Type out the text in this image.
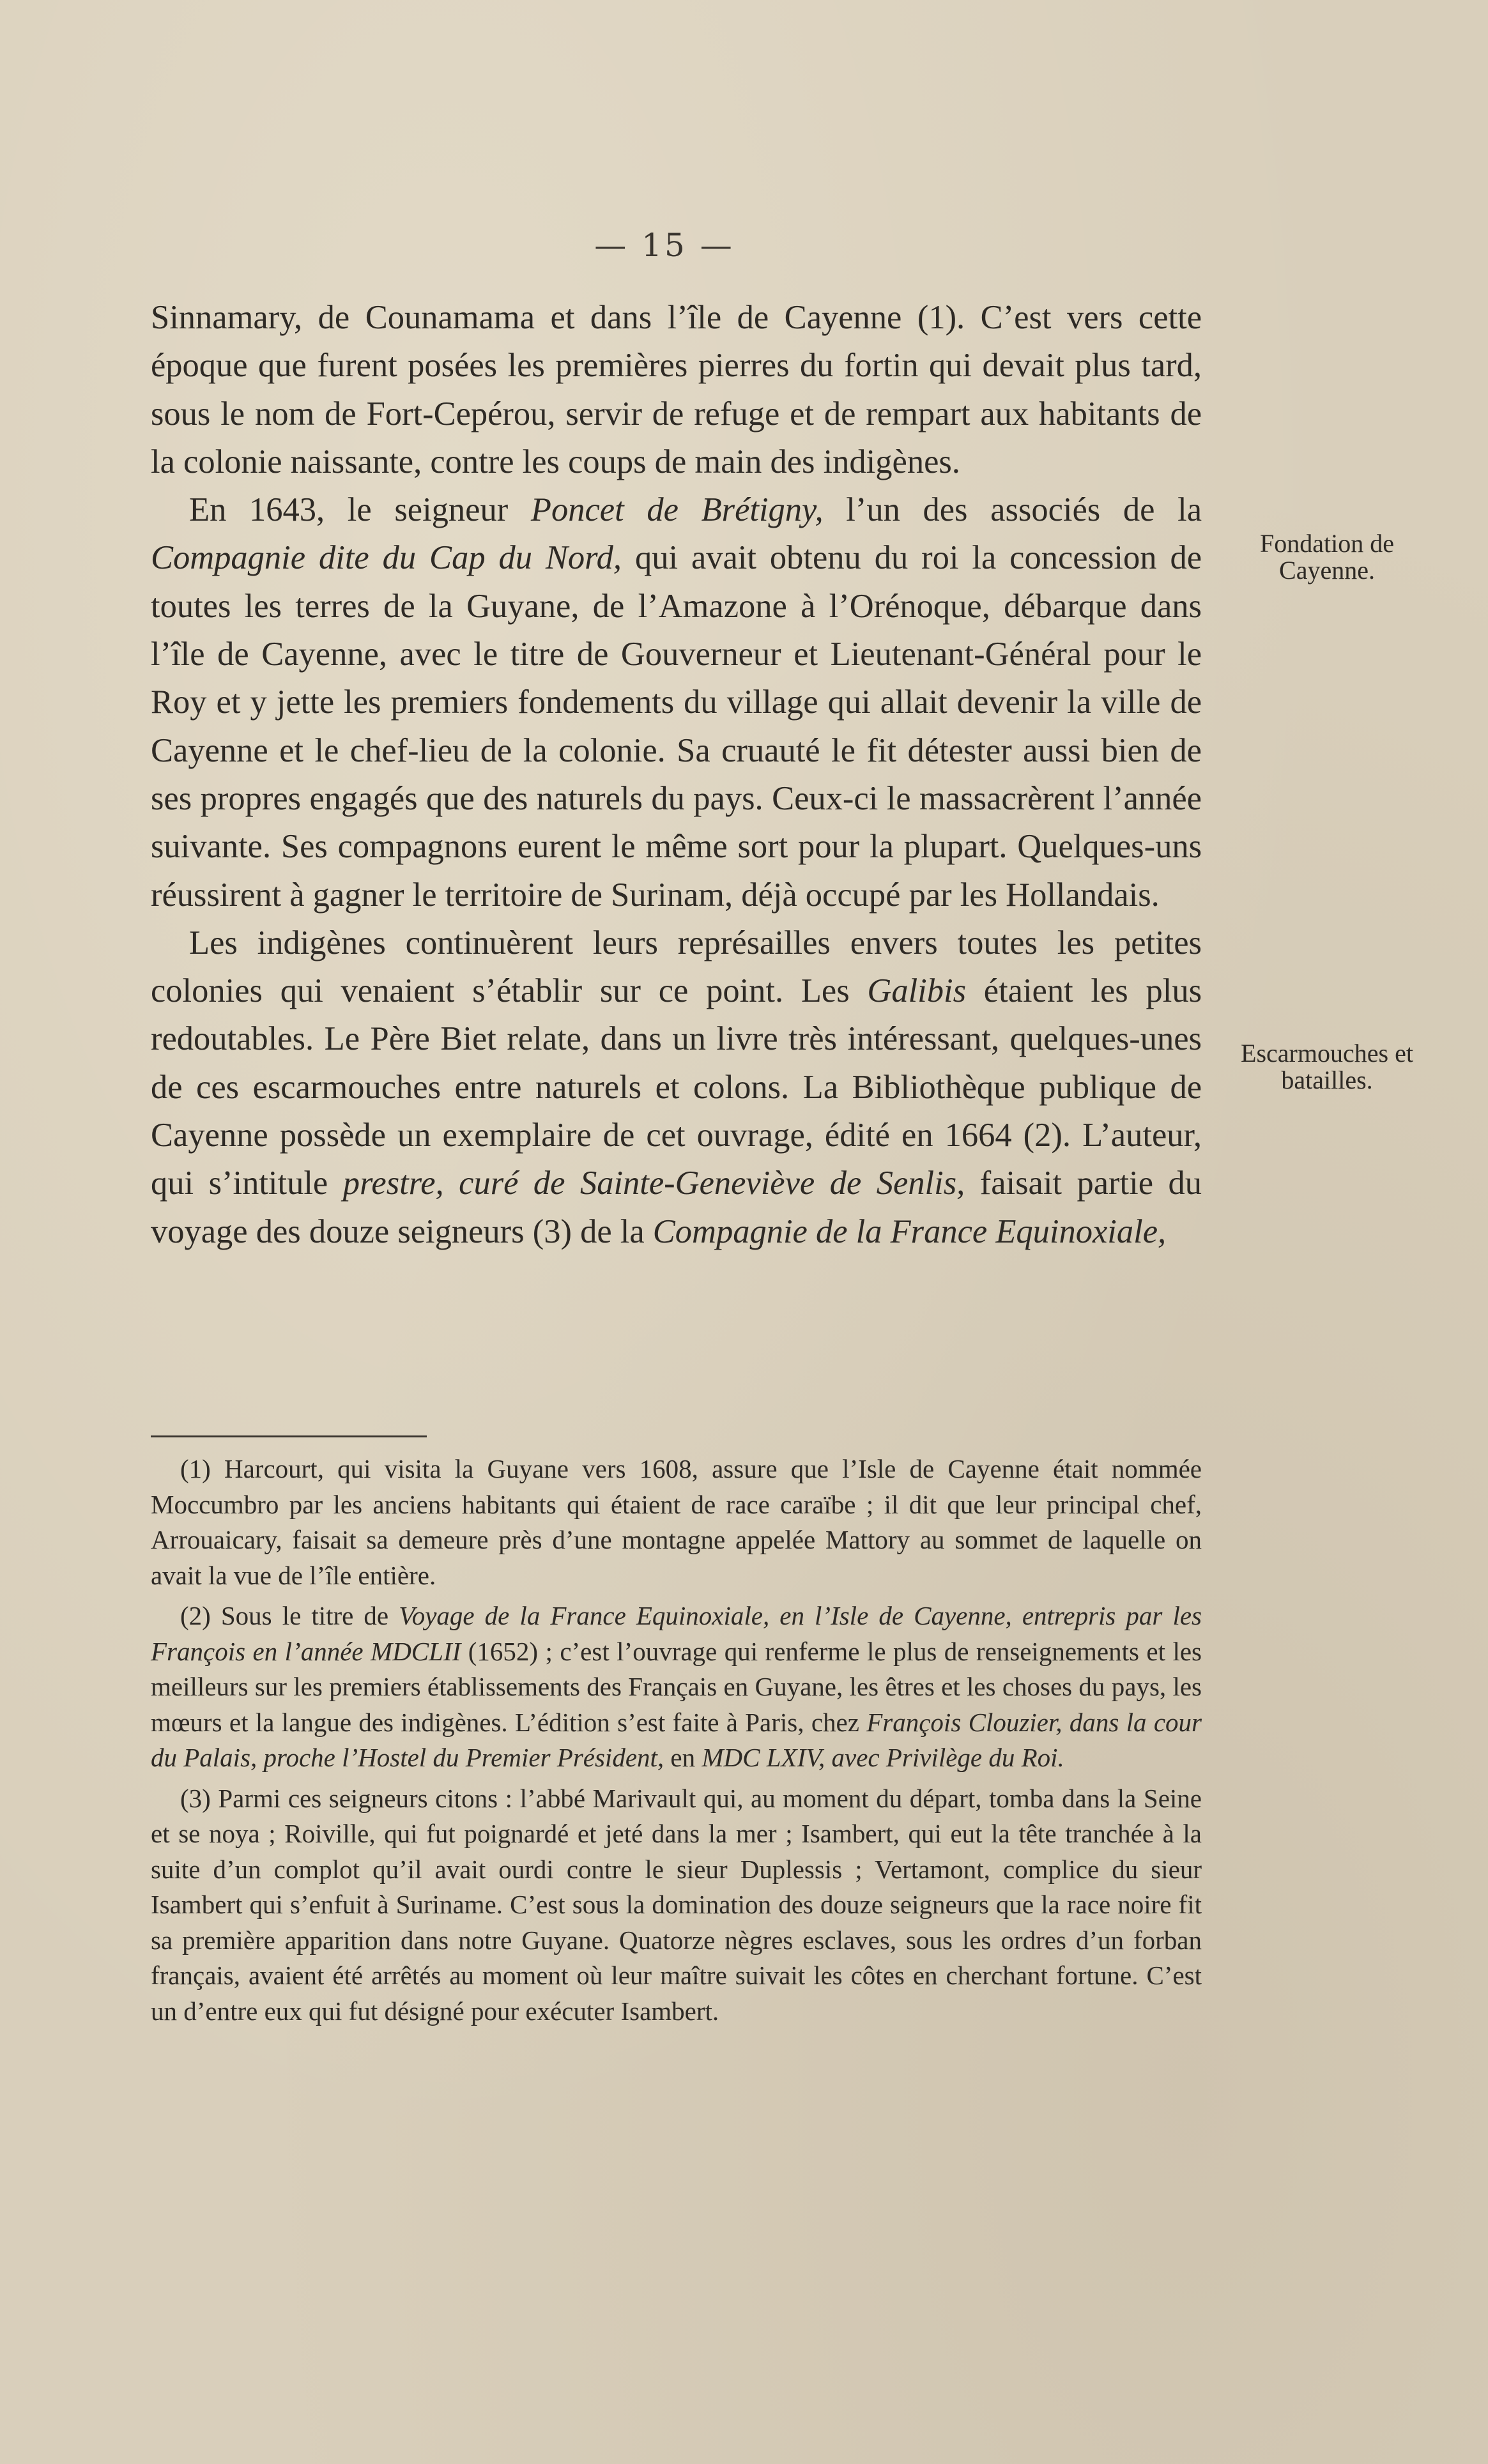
— 15 —

Sinnamary, de Counamama et dans l’île de Cayenne (1). C’est vers cette époque que furent posées les premières pierres du fortin qui devait plus tard, sous le nom de Fort-Cepérou, servir de refuge et de rempart aux habitants de la colonie naissante, contre les coups de main des indigènes.

En 1643, le seigneur Poncet de Brétigny, l’un des associés de la Compagnie dite du Cap du Nord, qui avait obtenu du roi la concession de toutes les terres de la Guyane, de l’Amazone à l’Orénoque, débarque dans l’île de Cayenne, avec le titre de Gouverneur et Lieutenant-Général pour le Roy et y jette les premiers fondements du village qui allait devenir la ville de Cayenne et le chef-lieu de la colonie. Sa cruauté le fit détester aussi bien de ses propres engagés que des naturels du pays. Ceux-ci le massacrèrent l’année suivante. Ses compagnons eurent le même sort pour la plupart. Quelques-uns réussirent à gagner le territoire de Surinam, déjà occupé par les Hollandais.

Les indigènes continuèrent leurs représailles envers toutes les petites colonies qui venaient s’établir sur ce point. Les Galibis étaient les plus redoutables. Le Père Biet relate, dans un livre très intéressant, quelques-unes de ces escarmouches entre naturels et colons. La Bibliothèque publique de Cayenne possède un exemplaire de cet ouvrage, édité en 1664 (2). L’auteur, qui s’intitule prestre, curé de Sainte-Geneviève de Senlis, faisait partie du voyage des douze seigneurs (3) de la Compagnie de la France Equinoxiale,

Fondation de Cayenne.
Escarmouches et batailles.

(1) Harcourt, qui visita la Guyane vers 1608, assure que l’Isle de Cayenne était nommée Moccumbro par les anciens habitants qui étaient de race caraïbe ; il dit que leur principal chef, Arrouaicary, faisait sa demeure près d’une montagne appelée Mattory au sommet de laquelle on avait la vue de l’île entière.

(2) Sous le titre de Voyage de la France Equinoxiale, en l’Isle de Cayenne, entrepris par les François en l’année MDCLII (1652) ; c’est l’ouvrage qui renferme le plus de renseignements et les meilleurs sur les premiers établissements des Français en Guyane, les êtres et les choses du pays, les mœurs et la langue des indigènes. L’édition s’est faite à Paris, chez François Clouzier, dans la cour du Palais, proche l’Hostel du Premier Président, en MDC LXIV, avec Privilège du Roi.

(3) Parmi ces seigneurs citons : l’abbé Marivault qui, au moment du départ, tomba dans la Seine et se noya ; Roiville, qui fut poignardé et jeté dans la mer ; Isambert, qui eut la tête tranchée à la suite d’un complot qu’il avait ourdi contre le sieur Duplessis ; Vertamont, complice du sieur Isambert qui s’enfuit à Suriname. C’est sous la domination des douze seigneurs que la race noire fit sa première apparition dans notre Guyane. Quatorze nègres esclaves, sous les ordres d’un forban français, avaient été arrêtés au moment où leur maître suivait les côtes en cherchant fortune. C’est un d’entre eux qui fut désigné pour exécuter Isambert.
